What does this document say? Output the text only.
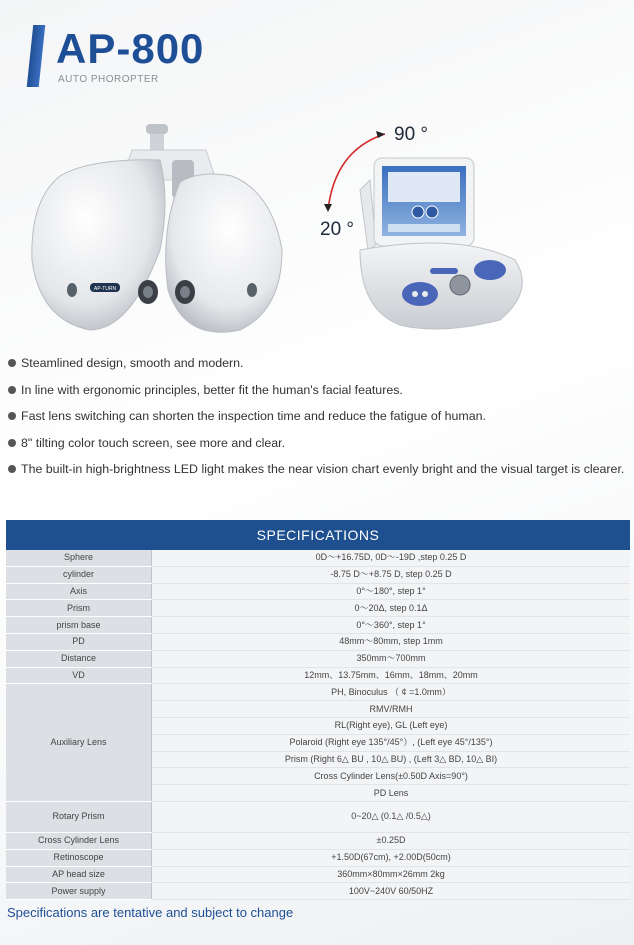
AP-800
AUTO PHOROPTER
AP-TURN
90 °
20 °
Steamlined design, smooth and modern.
In line with ergonomic principles, better fit the human's facial features.
Fast lens switching can shorten the inspection time and reduce the fatigue of human.
8" tilting color touch screen, see more and clear.
The built-in high-brightness LED light makes the near vision chart evenly bright and the visual target is clearer.
SPECIFICATIONS
Sphere	0D～+16.75D, 0D～-19D ,step 0.25 D
cylinder	-8.75 D～+8.75 D, step 0.25 D
Axis	0°～180°, step 1°
Prism	0～20Δ, step 0.1Δ
prism base	0°～360°, step 1°
PD	48mm～80mm, step 1mm
Distance	350mm～700mm
VD	12mm、13.75mm、16mm、18mm、20mm
Auxiliary Lens	PH, Binoculus （ ¢ =1.0mm）
	RMV/RMH
	RL(Right eye), GL (Left eye)
	Polaroid (Right eye 135°/45°）, (Left eye 45°/135°)
	Prism (Right 6△ BU , 10△ BU) , (Left 3△ BD, 10△ BI)
	Cross Cylinder Lens(±0.50D Axis=90°)
	PD Lens
Rotary Prism	0~20△ (0.1△ /0.5△)
Cross Cylinder Lens	±0.25D
Retinoscope	+1.50D(67cm), +2.00D(50cm)
AP head size	360mm×80mm×26mm 2kg
Power supply	100V~240V 60/50HZ
Specifications are tentative and subject to change
